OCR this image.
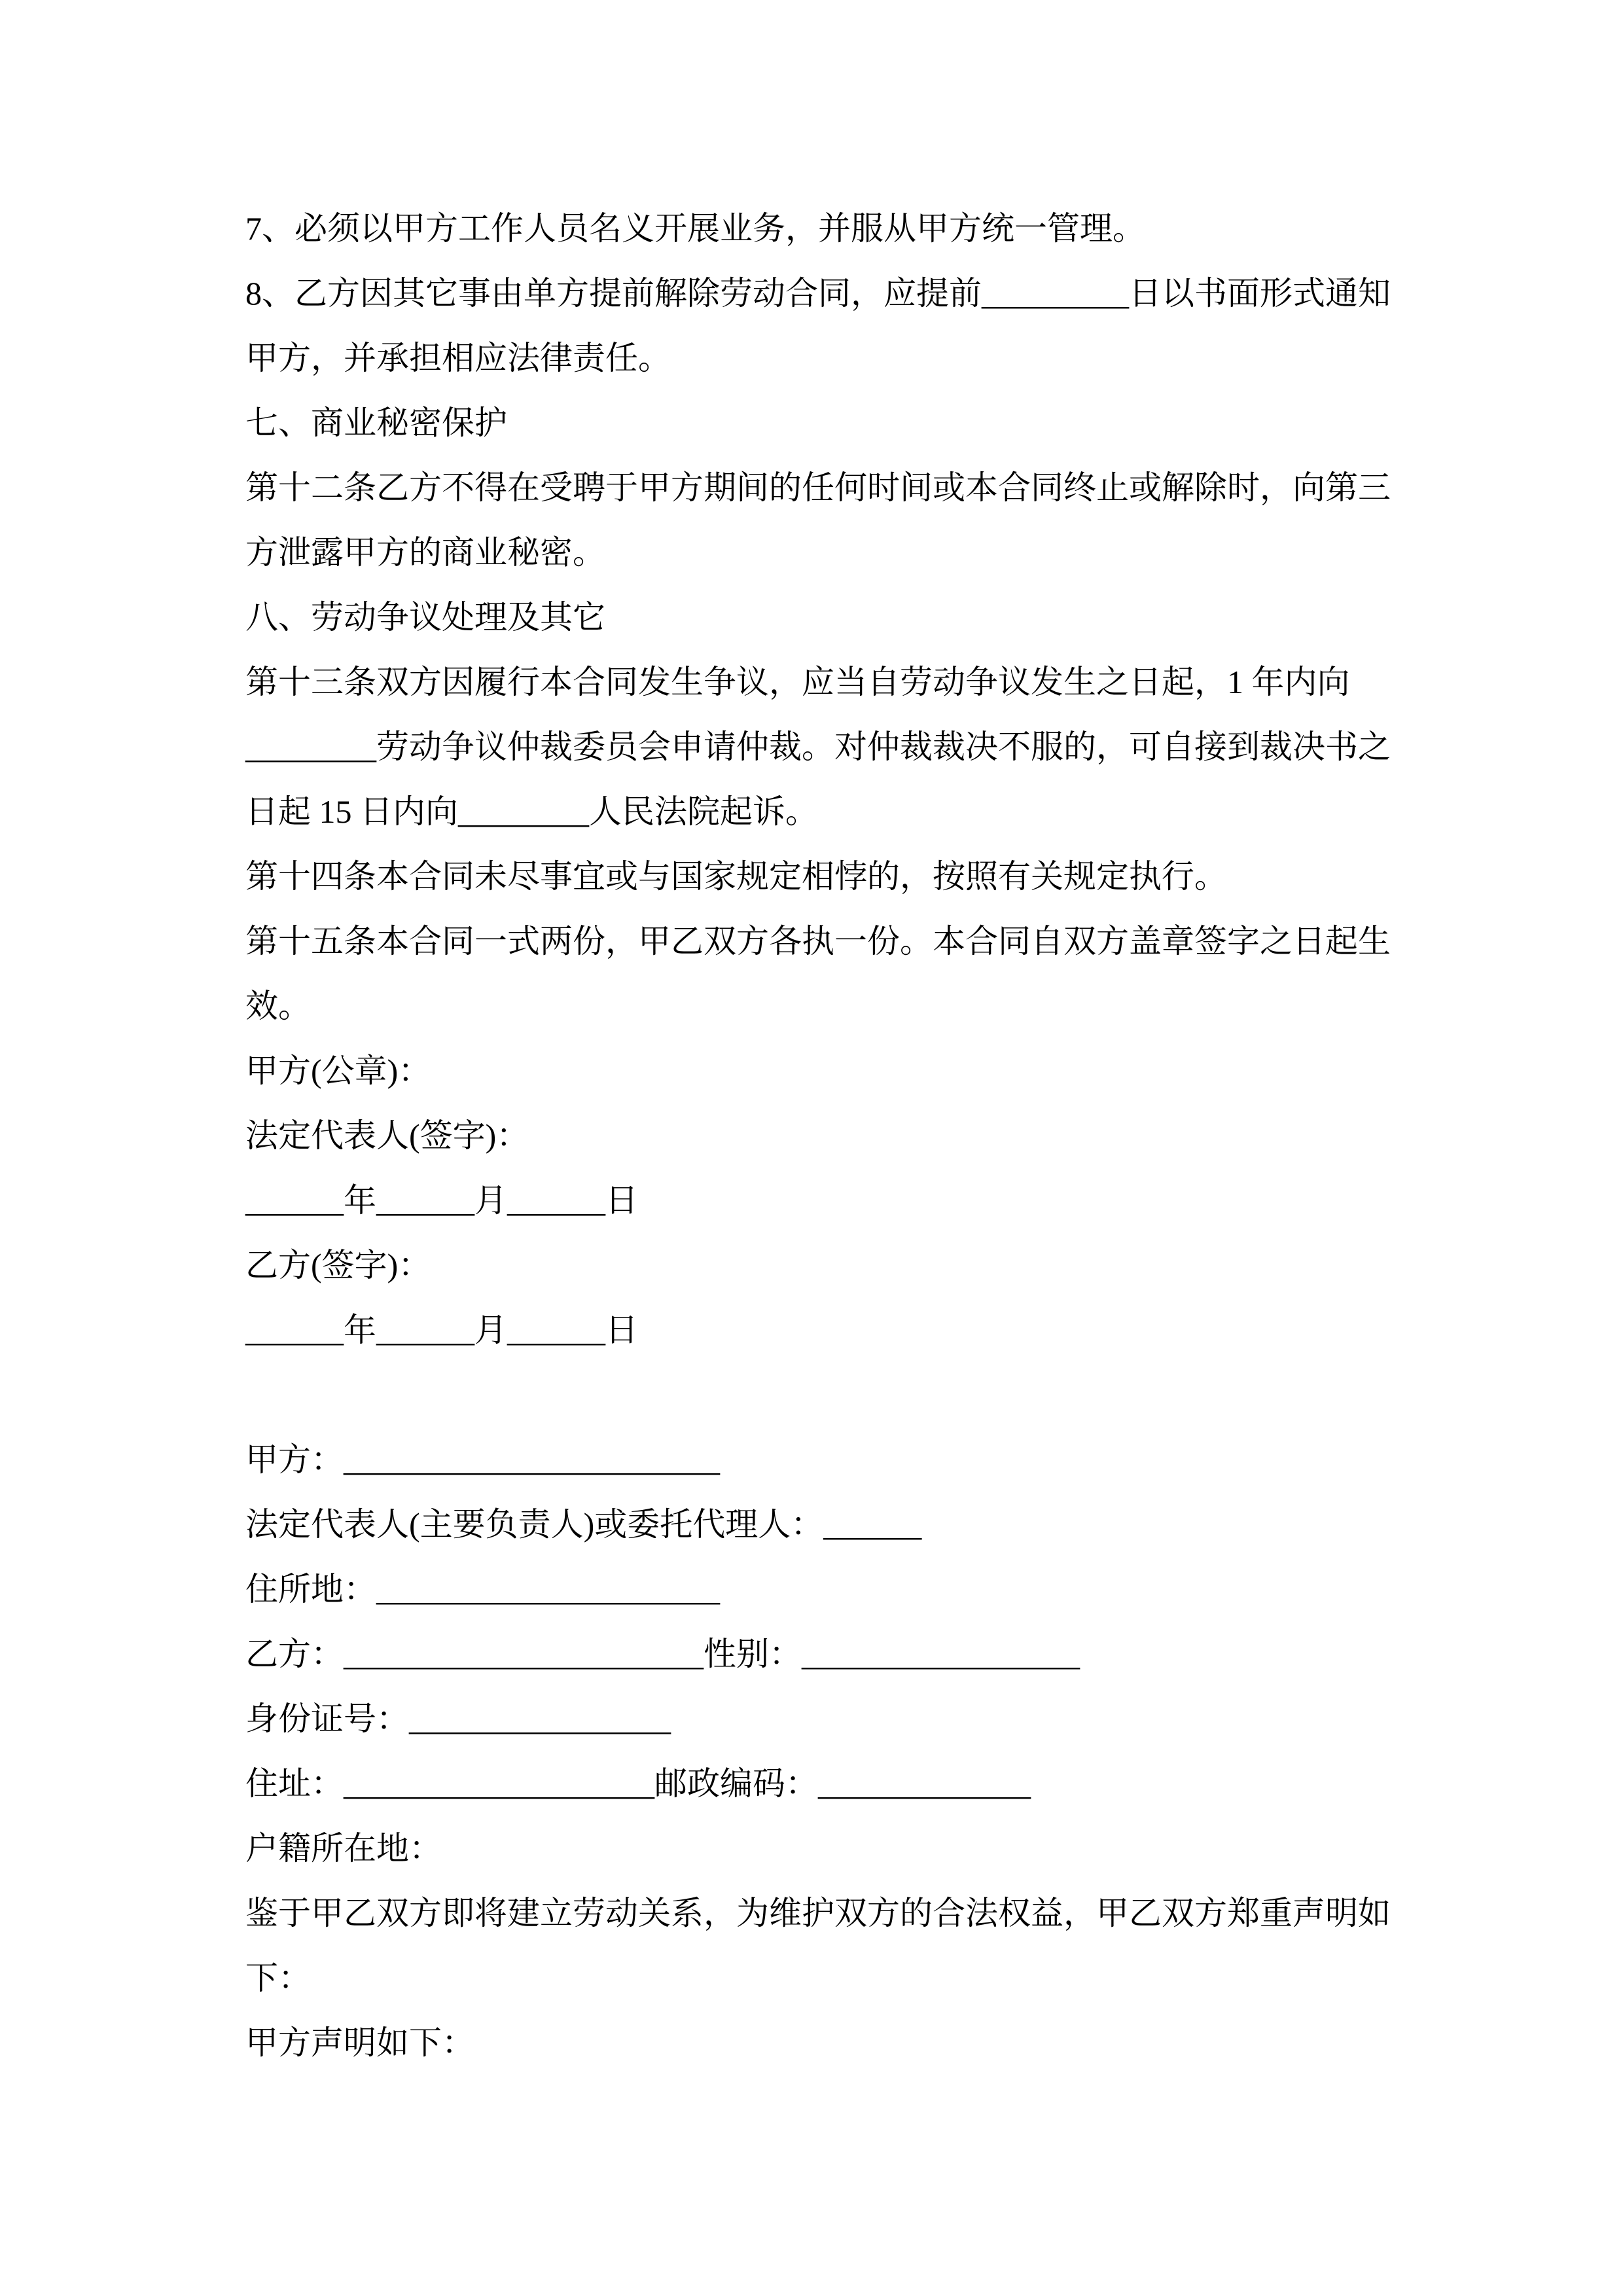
7、必须以甲方工作人员名义开展业务，并服从甲方统一管理。

8、乙方因其它事由单方提前解除劳动合同，应提前_________日以书面形式通知

甲方，并承担相应法律责任。

七、商业秘密保护

第十二条乙方不得在受聘于甲方期间的任何时间或本合同终止或解除时，向第三

方泄露甲方的商业秘密。

八、劳动争议处理及其它

第十三条双方因履行本合同发生争议，应当自劳动争议发生之日起，1 年内向

________劳动争议仲裁委员会申请仲裁。对仲裁裁决不服的，可自接到裁决书之

日起 15 日内向________人民法院起诉。

第十四条本合同未尽事宜或与国家规定相悖的，按照有关规定执行。

第十五条本合同一式两份，甲乙双方各执一份。本合同自双方盖章签字之日起生

效。

甲方(公章)：

法定代表人(签字)：

______年______月______日

乙方(签字)：

______年______月______日

甲方：_______________________

法定代表人(主要负责人)或委托代理人：______

住所地：_____________________

乙方：______________________性别：_________________

身份证号：________________

住址：___________________邮政编码：_____________

户籍所在地：

鉴于甲乙双方即将建立劳动关系，为维护双方的合法权益，甲乙双方郑重声明如

下：

甲方声明如下：
